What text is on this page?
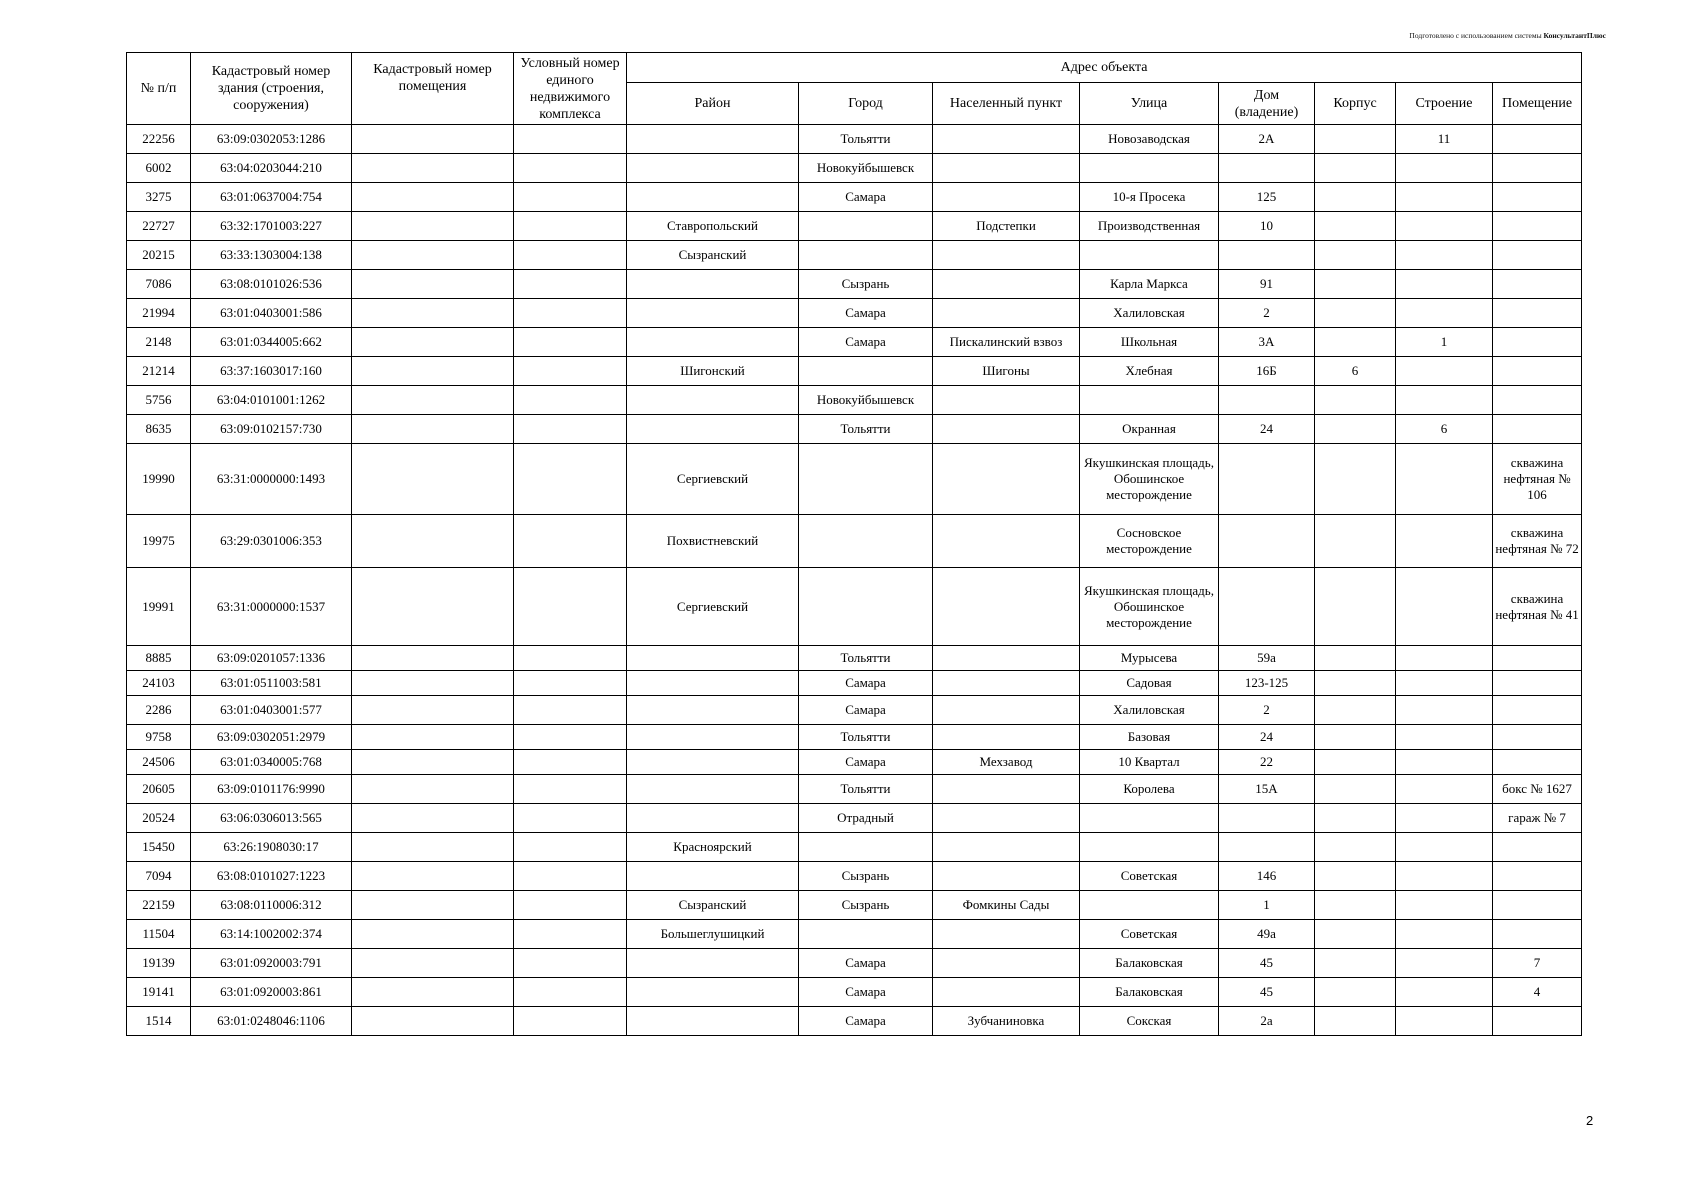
Подготовлено с использованием системы КонсультантПлюс
№ п/п	Кадастровый номер здания (строения, сооружения)	Кадастровый номер помещения	Условный номер единого недвижимого комплекса	Адрес объекта							
				Район	Город	Населенный пункт	Улица	Дом (владение)	Корпус	Строение	Помещение
22256	63:09:0302053:1286				Тольятти		Новозаводская	2А		11	
6002	63:04:0203044:210				Новокуйбышевск						
3275	63:01:0637004:754				Самара		10-я Просека	125			
22727	63:32:1701003:227			Ставропольский		Подстепки	Производственная	10			
20215	63:33:1303004:138			Сызранский							
7086	63:08:0101026:536				Сызрань		Карла Маркса	91			
21994	63:01:0403001:586				Самара		Халиловская	2			
2148	63:01:0344005:662				Самара	Пискалинский взвоз	Школьная	3А		1	
21214	63:37:1603017:160			Шигонский		Шигоны	Хлебная	16Б	6		
5756	63:04:0101001:1262				Новокуйбышевск						
8635	63:09:0102157:730				Тольятти		Окранная	24		6	
19990	63:31:0000000:1493			Сергиевский			Якушкинская площадь, Обошинское месторождение				скважина нефтяная № 106
19975	63:29:0301006:353			Похвистневский			Сосновское месторождение				скважина нефтяная № 72
19991	63:31:0000000:1537			Сергиевский			Якушкинская площадь, Обошинское месторождение				скважина нефтяная № 41
8885	63:09:0201057:1336				Тольятти		Мурысева	59а			
24103	63:01:0511003:581				Самара		Садовая	123-125			
2286	63:01:0403001:577				Самара		Халиловская	2			
9758	63:09:0302051:2979				Тольятти		Базовая	24			
24506	63:01:0340005:768				Самара	Мехзавод	10 Квартал	22			
20605	63:09:0101176:9990				Тольятти		Королева	15А			бокс № 1627
20524	63:06:0306013:565				Отрадный						гараж № 7
15450	63:26:1908030:17			Красноярский							
7094	63:08:0101027:1223				Сызрань		Советская	146			
22159	63:08:0110006:312			Сызранский	Сызрань	Фомкины Сады		1			
11504	63:14:1002002:374			Большеглушицкий			Советская	49а			
19139	63:01:0920003:791				Самара		Балаковская	45			7
19141	63:01:0920003:861				Самара		Балаковская	45			4
1514	63:01:0248046:1106				Самара	Зубчаниновка	Сокская	2а			
2
